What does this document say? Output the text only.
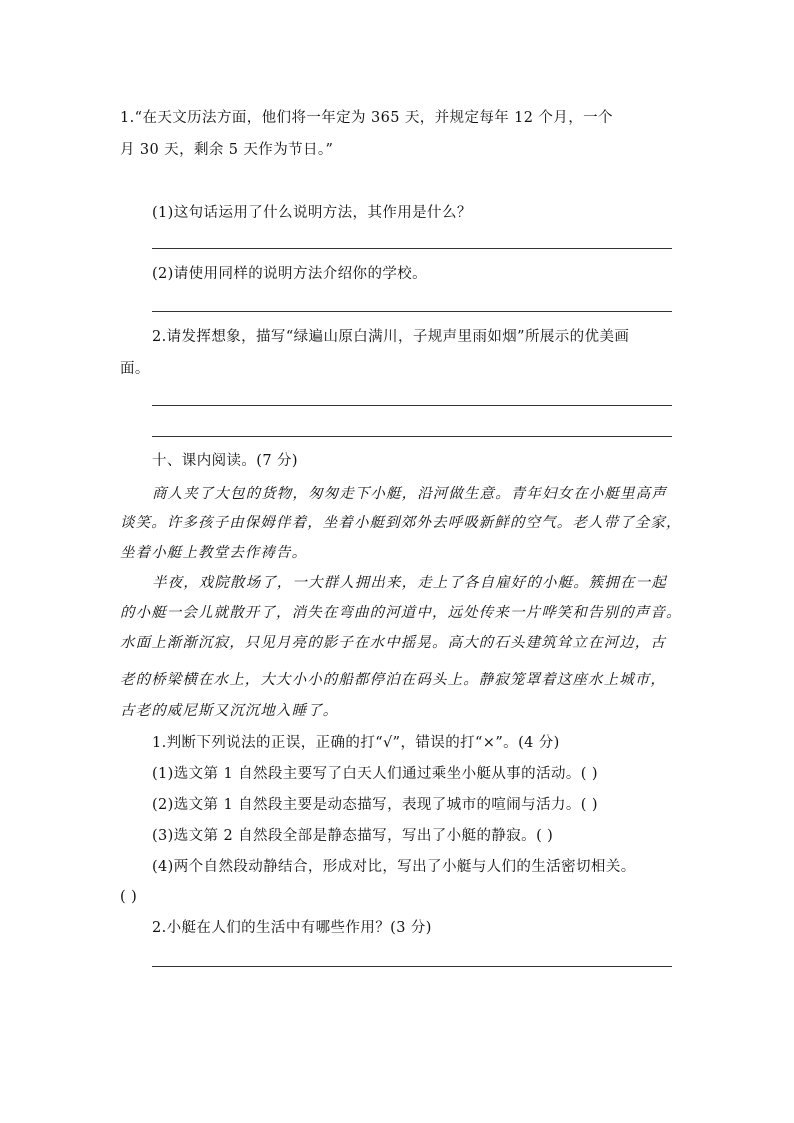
1.“在天文历法方面，他们将一年定为 365 天，并规定每年 12 个月，一个
月 30 天，剩余 5 天作为节日。”
(1)这句话运用了什么说明方法，其作用是什么？
(2)请使用同样的说明方法介绍你的学校。
2.请发挥想象，描写“绿遍山原白满川，子规声里雨如烟”所展示的优美画
面。
十、课内阅读。(7 分)
商人夹了大包的货物，匆匆走下小艇，沿河做生意。青年妇女在小艇里高声
谈笑。许多孩子由保姆伴着，坐着小艇到郊外去呼吸新鲜的空气。老人带了全家，
坐着小艇上教堂去作祷告。
半夜，戏院散场了，一大群人拥出来，走上了各自雇好的小艇。簇拥在一起
的小艇一会儿就散开了，消失在弯曲的河道中，远处传来一片哗笑和告别的声音。
水面上渐渐沉寂，只见月亮的影子在水中摇晃。高大的石头建筑耸立在河边，古
老的桥梁横在水上，大大小小的船都停泊在码头上。静寂笼罩着这座水上城市，
古老的威尼斯又沉沉地入睡了。
1.判断下列说法的正误，正确的打“√”，错误的打“×”。(4 分)
(1)选文第 1 自然段主要写了白天人们通过乘坐小艇从事的活动。( )
(2)选文第 1 自然段主要是动态描写，表现了城市的喧闹与活力。( )
(3)选文第 2 自然段全部是静态描写，写出了小艇的静寂。( )
(4)两个自然段动静结合，形成对比，写出了小艇与人们的生活密切相关。
( )
2.小艇在人们的生活中有哪些作用？(3 分)
